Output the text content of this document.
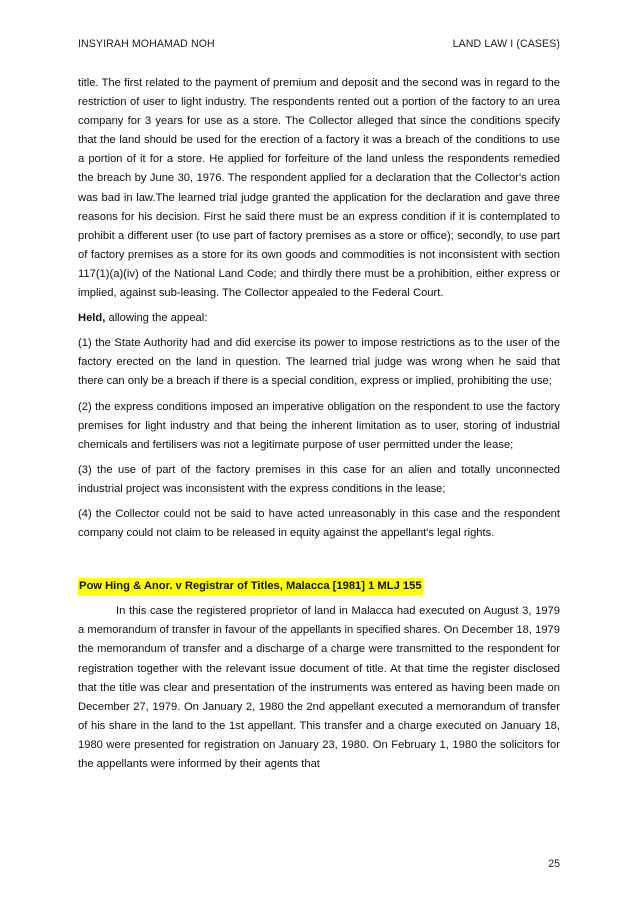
INSYIRAH MOHAMAD NOH	LAND LAW I (CASES)

title. The first related to the payment of premium and deposit and the second was in regard to the restriction of user to light industry. The respondents rented out a portion of the factory to an urea company for 3 years for use as a store. The Collector alleged that since the conditions specify that the land should be used for the erection of a factory it was a breach of the conditions to use a portion of it for a store. He applied for forfeiture of the land unless the respondents remedied the breach by June 30, 1976. The respondent applied for a declaration that the Collector's action was bad in law.The learned trial judge granted the application for the declaration and gave three reasons for his decision. First he said there must be an express condition if it is contemplated to prohibit a different user (to use part of factory premises as a store or office); secondly, to use part of factory premises as a store for its own goods and commodities is not inconsistent with section 117(1)(a)(iv) of the National Land Code; and thirdly there must be a prohibition, either express or implied, against sub-leasing. The Collector appealed to the Federal Court.

Held, allowing the appeal:

(1) the State Authority had and did exercise its power to impose restrictions as to the user of the factory erected on the land in question. The learned trial judge was wrong when he said that there can only be a breach if there is a special condition, express or implied, prohibiting the use;

(2) the express conditions imposed an imperative obligation on the respondent to use the factory premises for light industry and that being the inherent limitation as to user, storing of industrial chemicals and fertilisers was not a legitimate purpose of user permitted under the lease;

(3) the use of part of the factory premises in this case for an alien and totally unconnected industrial project was inconsistent with the express conditions in the lease;

(4) the Collector could not be said to have acted unreasonably in this case and the respondent company could not claim to be released in equity against the appellant's legal rights.

Pow Hing & Anor. v Registrar of Titles, Malacca [1981] 1 MLJ 155

In this case the registered proprietor of land in Malacca had executed on August 3, 1979 a memorandum of transfer in favour of the appellants in specified shares. On December 18, 1979 the memorandum of transfer and a discharge of a charge were transmitted to the respondent for registration together with the relevant issue document of title. At that time the register disclosed that the title was clear and presentation of the instruments was entered as having been made on December 27, 1979. On January 2, 1980 the 2nd appellant executed a memorandum of transfer of his share in the land to the 1st appellant. This transfer and a charge executed on January 18, 1980 were presented for registration on January 23, 1980. On February 1, 1980 the solicitors for the appellants were informed by their agents that

25
